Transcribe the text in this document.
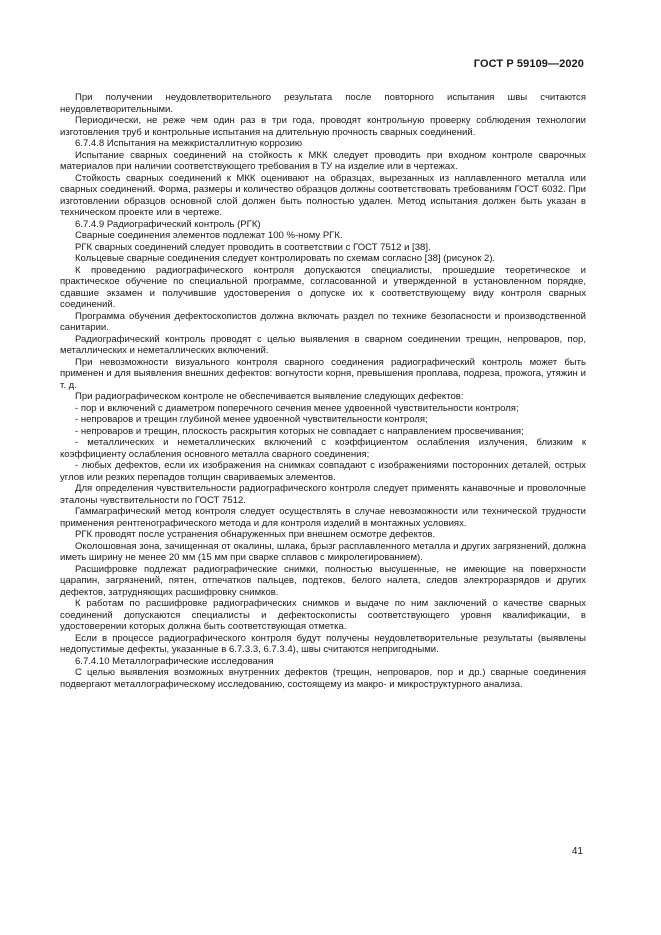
ГОСТ Р 59109—2020

При получении неудовлетворительного результата после повторного испытания швы считаются неудовлетворительными.

Периодически, не реже чем один раз в три года, проводят контрольную проверку соблюдения технологии изготовления труб и контрольные испытания на длительную прочность сварных соединений.

6.7.4.8 Испытания на межкристаллитную коррозию

Испытание сварных соединений на стойкость к МКК следует проводить при входном контроле сварочных материалов при наличии соответствующего требования в ТУ на изделие или в чертежах.

Стойкость сварных соединений к МКК оценивают на образцах, вырезанных из наплавленного металла или сварных соединений. Форма, размеры и количество образцов должны соответствовать требованиям ГОСТ 6032. При изготовлении образцов основной слой должен быть полностью удален. Метод испытания должен быть указан в техническом проекте или в чертеже.

6.7.4.9 Радиографический контроль (РГК)

Сварные соединения элементов подлежат 100 %-ному РГК.

РГК сварных соединений следует проводить в соответствии с ГОСТ 7512 и [38].

Кольцевые сварные соединения следует контролировать по схемам согласно [38] (рисунок 2).

К проведению радиографического контроля допускаются специалисты, прошедшие теоретическое и практическое обучение по специальной программе, согласованной и утвержденной в установленном порядке, сдавшие экзамен и получившие удостоверения о допуске их к соответствующему виду контроля сварных соединений.

Программа обучения дефектоскопистов должна включать раздел по технике безопасности и производственной санитарии.

Радиографический контроль проводят с целью выявления в сварном соединении трещин, непроваров, пор, металлических и неметаллических включений.

При невозможности визуального контроля сварного соединения радиографический контроль может быть применен и для выявления внешних дефектов: вогнутости корня, превышения проплава, подреза, прожога, утяжин и т. д.

При радиографическом контроле не обеспечивается выявление следующих дефектов:

- пор и включений с диаметром поперечного сечения менее удвоенной чувствительности контроля;

- непроваров и трещин глубиной менее удвоенной чувствительности контроля;

- непроваров и трещин, плоскость раскрытия которых не совпадает с направлением просвечивания;

- металлических и неметаллических включений с коэффициентом ослабления излучения, близким к коэффициенту ослабления основного металла сварного соединения;

- любых дефектов, если их изображения на снимках совпадают с изображениями посторонних деталей, острых углов или резких перепадов толщин свариваемых элементов.

Для определения чувствительности радиографического контроля следует применять канавочные и проволочные эталоны чувствительности по ГОСТ 7512.

Гаммаграфический метод контроля следует осуществлять в случае невозможности или технической трудности применения рентгенографического метода и для контроля изделий в монтажных условиях.

РГК проводят после устранения обнаруженных при внешнем осмотре дефектов.

Околошовная зона, зачищенная от окалины, шлака, брызг расплавленного металла и других загрязнений, должна иметь ширину не менее 20 мм (15 мм при сварке сплавов с микролегированием).

Расшифровке подлежат радиографические снимки, полностью высушенные, не имеющие на поверхности царапин, загрязнений, пятен, отпечатков пальцев, подтеков, белого налета, следов электроразрядов и других дефектов, затрудняющих расшифровку снимков.

К работам по расшифровке радиографических снимков и выдаче по ним заключений о качестве сварных соединений допускаются специалисты и дефектоскописты соответствующего уровня квалификации, в удостоверении которых должна быть соответствующая отметка.

Если в процессе радиографического контроля будут получены неудовлетворительные результаты (выявлены недопустимые дефекты, указанные в 6.7.3.3, 6.7.3.4), швы считаются непригодными.

6.7.4.10 Металлографические исследования

С целью выявления возможных внутренних дефектов (трещин, непроваров, пор и др.) сварные соединения подвергают металлографическому исследованию, состоящему из макро- и микроструктурного анализа.

41
